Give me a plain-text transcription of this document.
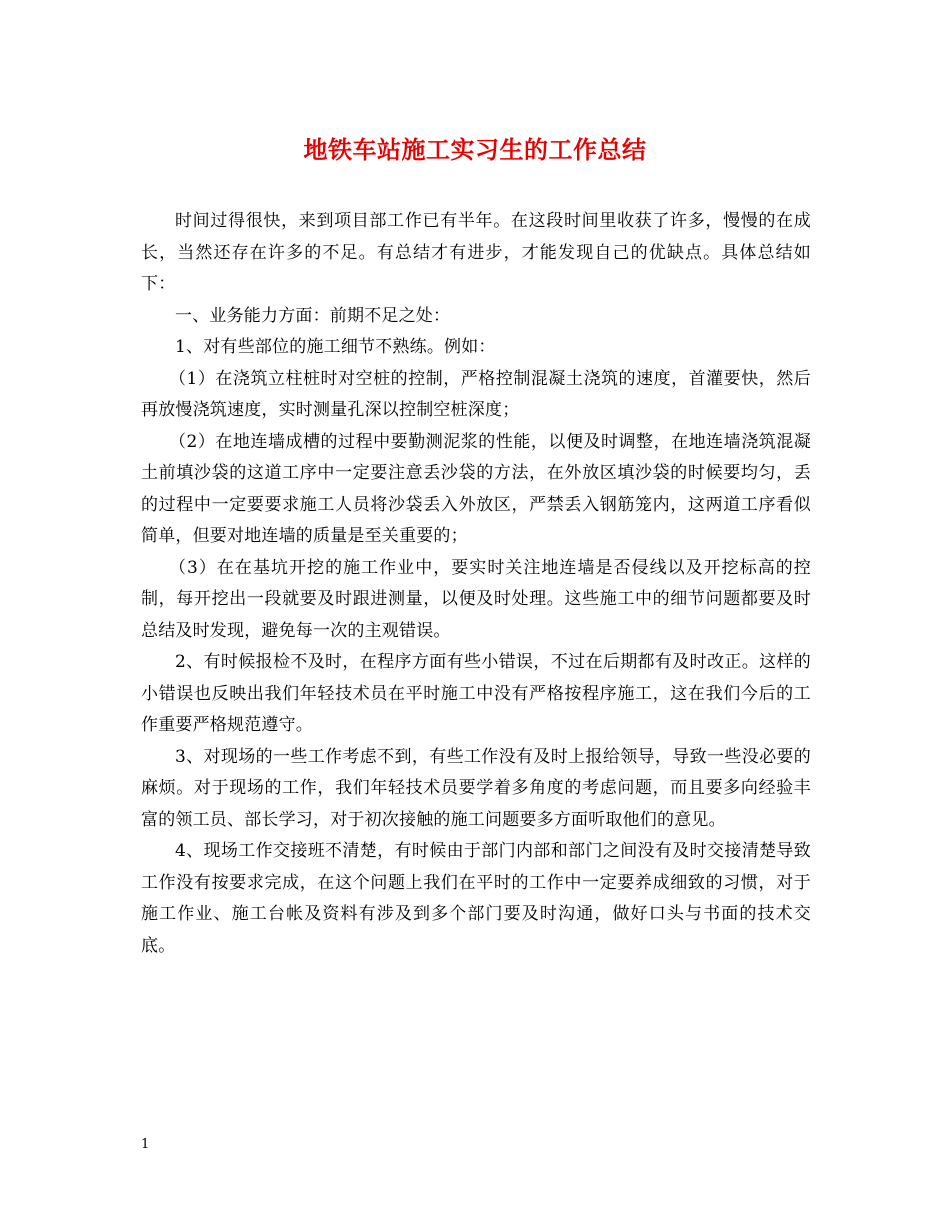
地铁车站施工实习生的工作总结

时间过得很快，来到项目部工作已有半年。在这段时间里收获了许多，慢慢的在成长，当然还存在许多的不足。有总结才有进步，才能发现自己的优缺点。具体总结如下：

一、业务能力方面：前期不足之处：

1、对有些部位的施工细节不熟练。例如：

（1）在浇筑立柱桩时对空桩的控制，严格控制混凝土浇筑的速度，首灌要快，然后再放慢浇筑速度，实时测量孔深以控制空桩深度；

（2）在地连墙成槽的过程中要勤测泥浆的性能，以便及时调整，在地连墙浇筑混凝土前填沙袋的这道工序中一定要注意丢沙袋的方法，在外放区填沙袋的时候要均匀，丢的过程中一定要要求施工人员将沙袋丢入外放区，严禁丢入钢筋笼内，这两道工序看似简单，但要对地连墙的质量是至关重要的；

（3）在在基坑开挖的施工作业中，要实时关注地连墙是否侵线以及开挖标高的控制，每开挖出一段就要及时跟进测量，以便及时处理。这些施工中的细节问题都要及时总结及时发现，避免每一次的主观错误。

2、有时候报检不及时，在程序方面有些小错误，不过在后期都有及时改正。这样的小错误也反映出我们年轻技术员在平时施工中没有严格按程序施工，这在我们今后的工作重要严格规范遵守。

3、对现场的一些工作考虑不到，有些工作没有及时上报给领导，导致一些没必要的麻烦。对于现场的工作，我们年轻技术员要学着多角度的考虑问题，而且要多向经验丰富的领工员、部长学习，对于初次接触的施工问题要多方面听取他们的意见。

4、现场工作交接班不清楚，有时候由于部门内部和部门之间没有及时交接清楚导致工作没有按要求完成，在这个问题上我们在平时的工作中一定要养成细致的习惯，对于施工作业、施工台帐及资料有涉及到多个部门要及时沟通，做好口头与书面的技术交底。

1
